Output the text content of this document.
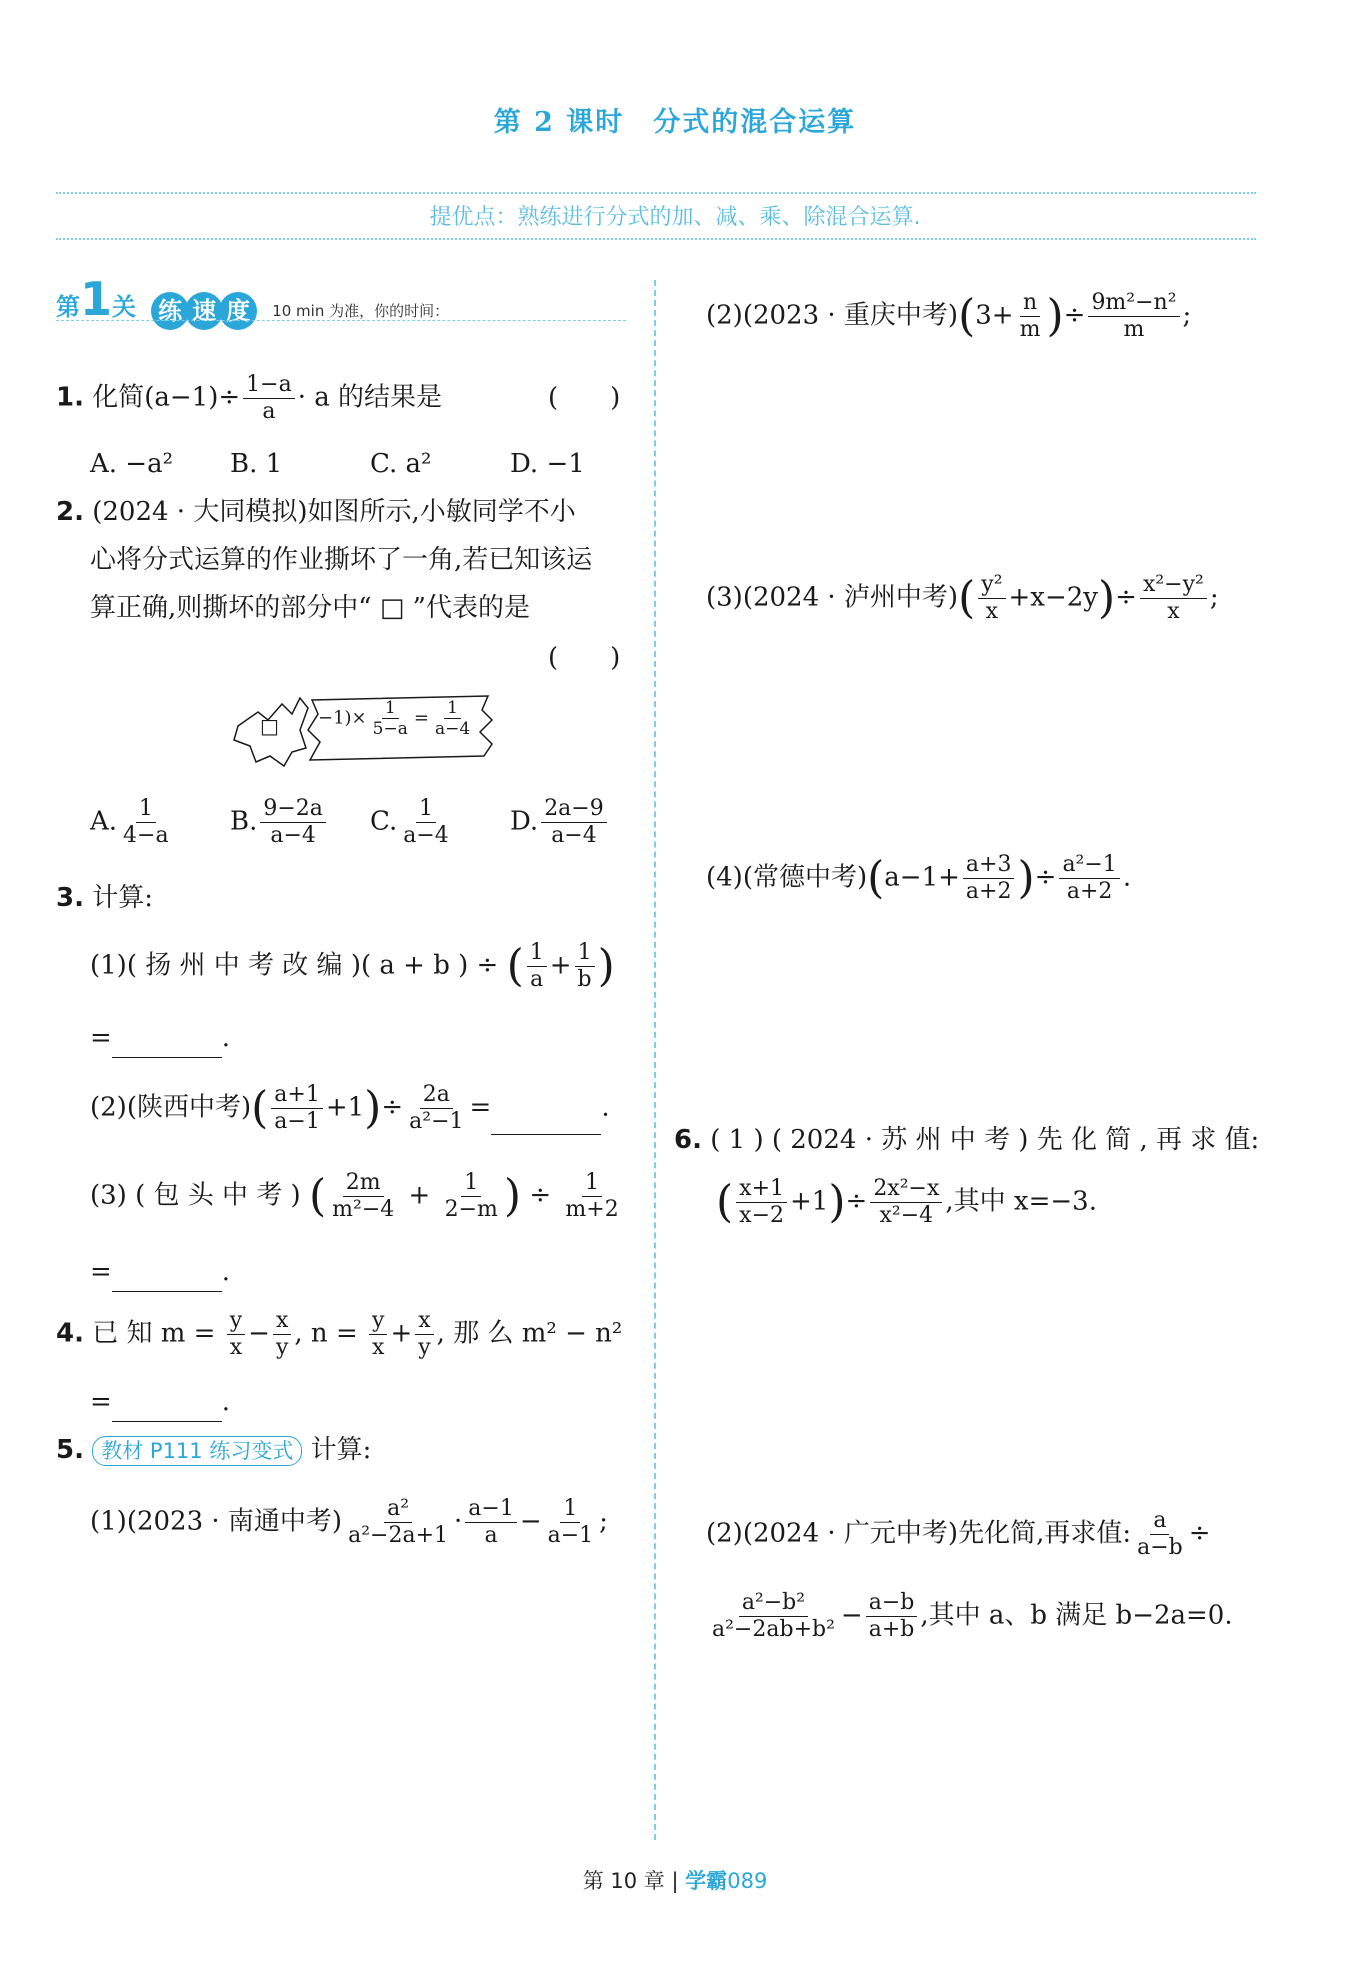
第 2 课时　分式的混合运算
提优点：熟练进行分式的加、减、乘、除混合运算.
第1关 练 速 度 10 min 为准，你的时间：
1. 化简$(a-1)\div \frac{1-a}{a} \cdot a$ 的结果是	(　　)
A. −a² B. 1	C. a²	D. −1
2. (2024 · 大同模拟)如图所示,小敏同学不小
心将分式运算的作业撕坏了一角,若已知该运
算正确,则撕坏的部分中“ □ ”代表的是
(　　)
□ $-1)\times \frac{1}{5-a} = \frac{1}{a-4}$
A. $\frac{1}{4-a} B$. $\frac{9-2a}{a-4} C$. $\frac{1}{a-4} D$. $\frac{2a-9}{a-4}$
3. 计算:
(1)( 扬 州 中 考 改 编 )( a + b ) ÷ ( $\frac{1}{a} + \frac{1}{b}$ )
=	.
(2)(陕西中考)( $\frac{a+1}{a-1} +1)\div \frac{2a}{\text{a²−1}}$ =	.
(3) ( 包 头 中 考 ) ( $\frac{2m}{\text{m²−4}} + \frac{1}{2-m}$ ) ÷ $\frac{1}{m+2}$
=	.
4. 已 知 $m = \frac{y}{x} - \frac{x}{y}$ , $n = \frac{y}{x} + \frac{x}{y}$ , 那 么 m² − n²
=	.
5. 教材 P111 练习变式 计算:
(1)(2023 · 南通中考) $\frac{\text{a²}}{\text{a²−2a+1}} \cdot \frac{a-1}{a} - \frac{1}{a-1}$ ;
(2)(2023 · 重庆中考)($3+ \frac{n}{m}$ )÷ $\frac{\text{9m²−n²}}{m}$ ;
(3)(2024 · 泸州中考)( $\frac{\text{y²}}{x} +x-2y)\div \frac{\text{x²−y²}}{x}$ ;
(4)(常德中考)($a-1+ \frac{a+3}{a+2}$ )÷ $\frac{\text{a²−1}}{a+2}$ .
6. ( 1 ) ( 2024 · 苏 州 中 考 ) 先 化 简 , 再 求 值:
( $\frac{x+1}{x-2} +1)\div \frac{\text{2x²−x}}{\text{x²−4}}$ ,其中 x=−3.
(2)(2024 · 广元中考)先化简,再求值: $\frac{a}{a-b}$ ÷
$\frac{\text{a²−b²}}{\text{a²−2ab+b²}} - \frac{a-b}{a+b}$ ,其中 a、b 满足 b−2a=0.
第 10 章 | 学霸089
